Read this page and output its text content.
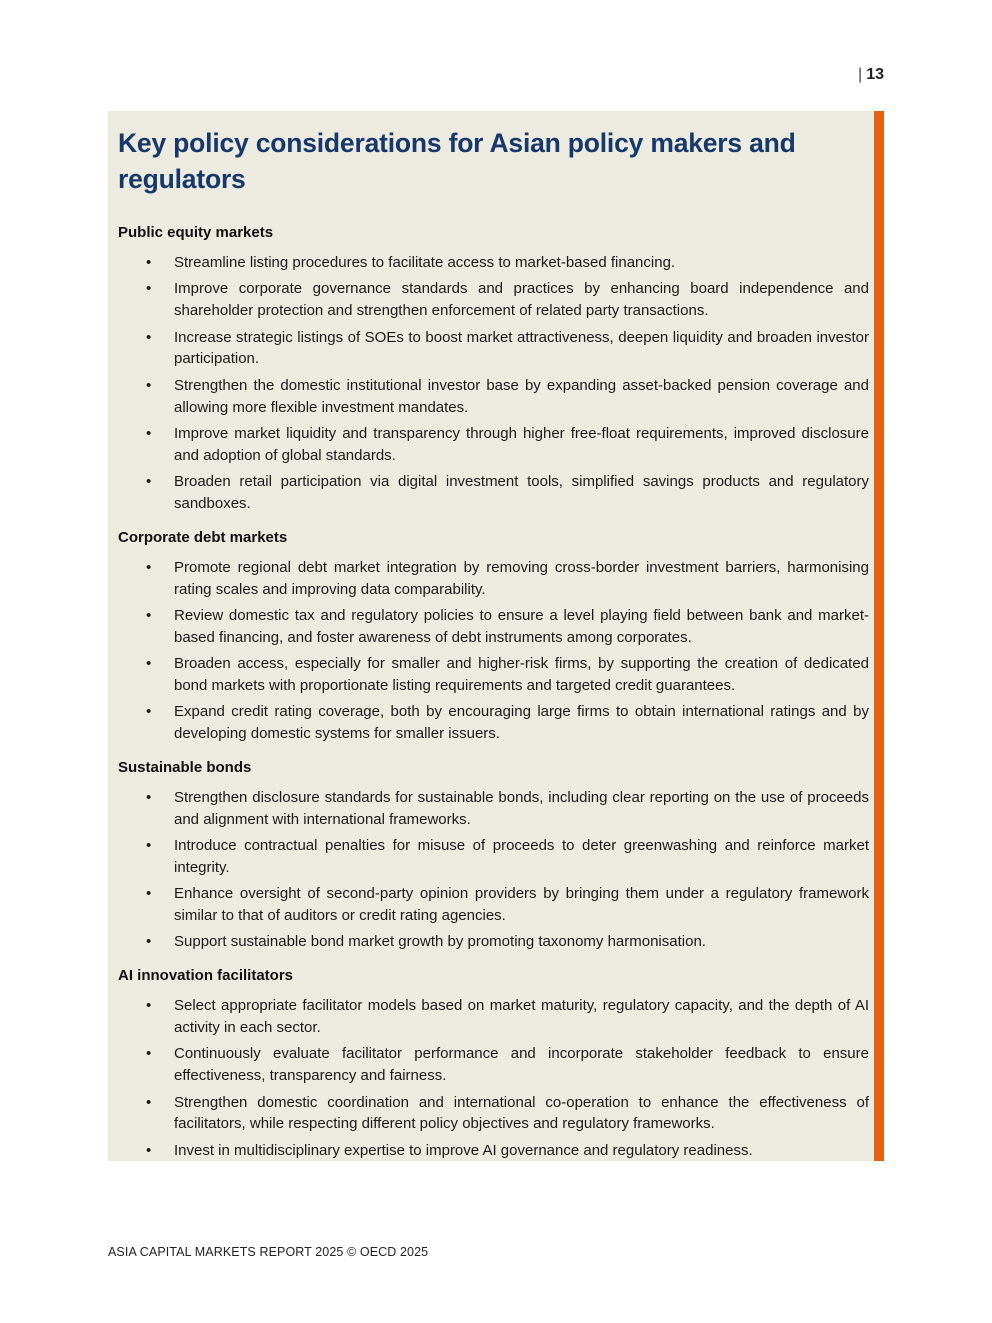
| 13
Key policy considerations for Asian policy makers and regulators
Public equity markets
• Streamline listing procedures to facilitate access to market-based financing.
• Improve corporate governance standards and practices by enhancing board independence and shareholder protection and strengthen enforcement of related party transactions.
• Increase strategic listings of SOEs to boost market attractiveness, deepen liquidity and broaden investor participation.
• Strengthen the domestic institutional investor base by expanding asset-backed pension coverage and allowing more flexible investment mandates.
• Improve market liquidity and transparency through higher free-float requirements, improved disclosure and adoption of global standards.
• Broaden retail participation via digital investment tools, simplified savings products and regulatory sandboxes.
Corporate debt markets
• Promote regional debt market integration by removing cross-border investment barriers, harmonising rating scales and improving data comparability.
• Review domestic tax and regulatory policies to ensure a level playing field between bank and market-based financing, and foster awareness of debt instruments among corporates.
• Broaden access, especially for smaller and higher-risk firms, by supporting the creation of dedicated bond markets with proportionate listing requirements and targeted credit guarantees.
• Expand credit rating coverage, both by encouraging large firms to obtain international ratings and by developing domestic systems for smaller issuers.
Sustainable bonds
• Strengthen disclosure standards for sustainable bonds, including clear reporting on the use of proceeds and alignment with international frameworks.
• Introduce contractual penalties for misuse of proceeds to deter greenwashing and reinforce market integrity.
• Enhance oversight of second-party opinion providers by bringing them under a regulatory framework similar to that of auditors or credit rating agencies.
• Support sustainable bond market growth by promoting taxonomy harmonisation.
AI innovation facilitators
• Select appropriate facilitator models based on market maturity, regulatory capacity, and the depth of AI activity in each sector.
• Continuously evaluate facilitator performance and incorporate stakeholder feedback to ensure effectiveness, transparency and fairness.
• Strengthen domestic coordination and international co-operation to enhance the effectiveness of facilitators, while respecting different policy objectives and regulatory frameworks.
• Invest in multidisciplinary expertise to improve AI governance and regulatory readiness.
ASIA CAPITAL MARKETS REPORT 2025 © OECD 2025
